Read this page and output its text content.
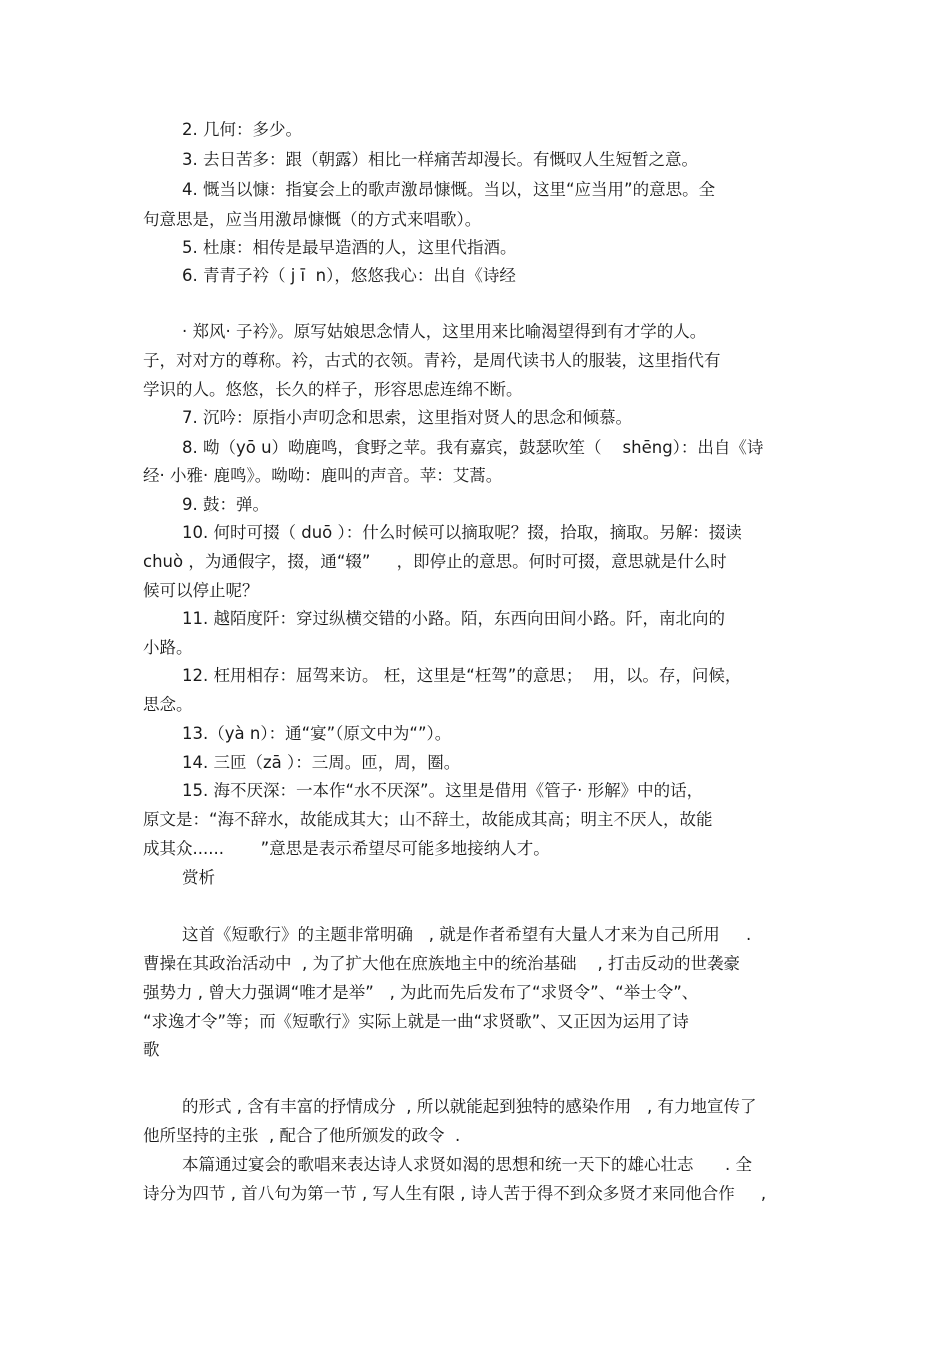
2. 几何：多少。
3. 去日苦多：跟（朝露）相比一样痛苦却漫长。有慨叹人生短暂之意。
4. 慨当以慷：指宴会上的歌声激昂慷慨。当以，这里“应当用”的意思。全
句意思是，应当用激昂慷慨（的方式来唱歌）。
5. 杜康：相传是最早造酒的人，这里代指酒。
6. 青青子衿（ j ī  n），悠悠我心：出自《诗经
· 郑风· 子衿》。原写姑娘思念情人，这里用来比喻渴望得到有才学的人。
子，对对方的尊称。衿，古式的衣领。青衿，是周代读书人的服装，这里指代有
学识的人。悠悠，长久的样子，形容思虑连绵不断。
7. 沉吟：原指小声叨念和思索，这里指对贤人的思念和倾慕。
8. 呦（yō u）呦鹿鸣，食野之苹。我有嘉宾，鼓瑟吹笙（    shēng）：出自《诗
经· 小雅· 鹿鸣》。呦呦：鹿叫的声音。苹：艾蒿。
9. 鼓：弹。
10. 何时可掇（ duō ）：什么时候可以摘取呢？掇，拾取，摘取。另解：掇读
chuò ，为通假字，掇，通“辍”     ，即停止的意思。何时可掇，意思就是什么时
候可以停止呢？
11. 越陌度阡：穿过纵横交错的小路。陌，东西向田间小路。阡，南北向的
小路。
12. 枉用相存：屈驾来访。 枉，这里是“枉驾”的意思；  用，以。存，问候，
思念。
13.（yà n）：通“宴”（原文中为“”）。
14. 三匝（zā ）：三周。匝，周，圈。
15. 海不厌深：一本作“水不厌深”。这里是借用《管子· 形解》中的话，
原文是：“海不辞水，故能成其大；山不辞土，故能成其高；明主不厌人，故能
成其众......       ”意思是表示希望尽可能多地接纳人才。
赏析
这首《短歌行》的主题非常明确   , 就是作者希望有大量人才来为自己所用     .
曹操在其政治活动中  , 为了扩大他在庶族地主中的统治基础    , 打击反动的世袭豪
强势力 , 曾大力强调“唯才是举”   , 为此而先后发布了“求贤令”、“举士令”、
“求逸才令”等；而《短歌行》实际上就是一曲“求贤歌”、又正因为运用了诗
歌
的形式 , 含有丰富的抒情成分  , 所以就能起到独特的感染作用   , 有力地宣传了
他所坚持的主张  , 配合了他所颁发的政令  .
本篇通过宴会的歌唱来表达诗人求贤如渴的思想和统一天下的雄心壮志      . 全
诗分为四节 , 首八句为第一节 , 写人生有限 , 诗人苦于得不到众多贤才来同他合作     ,
